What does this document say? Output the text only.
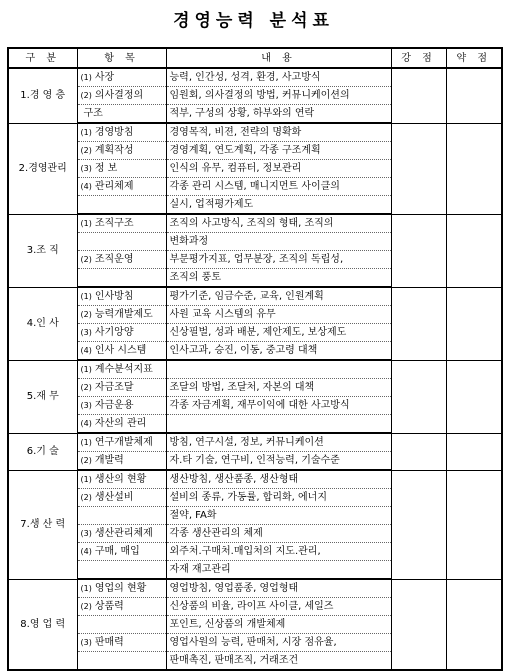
경영능력 분석표
구 분	항 목	내 용	강 점	약 점
1.경 영 층	(1) 사장	능력, 인간성, 성격, 환경, 사고방식		
	(2) 의사결정의	임원회, 의사결정의 방법, 커뮤니케이션의		
	구조	적부, 구성의 상황, 하부와의 연락		
2.경영관리	(1) 경영방침	경영목적, 비젼, 전략의 명확화		
	(2) 계획작성	경영계획, 연도계획, 각종 구조계획		
	(3) 정 보	인식의 유무, 컴퓨터, 정보관리		
	(4) 관리체제	각종 관리 시스템, 매니지먼트 사이클의		
		실시, 업적평가제도		
3.조 직	(1) 조직구조	조직의 사고방식, 조직의 형태, 조직의		
		변화과정		
	(2) 조직운영	부문평가지표, 업무분장, 조직의 독립성,		
		조직의 풍토		
4.인 사	(1) 인사방침	평가기준, 임금수준, 교육, 인원계획		
	(2) 능력개발제도	사원 교육 시스템의 유무		
	(3) 사기앙양	신상필벌, 성과 배분, 제안제도, 보상제도		
	(4) 인사 시스템	인사고과, 승진, 이동, 중고령 대책		
5.재 무	(1) 계수분석지표			
	(2) 자금조달	조달의 방법, 조달처, 자본의 대책		
	(3) 자금운용	각종 자금계획, 재무이익에 대한 사고방식		
	(4) 자산의 관리			
6.기 술	(1) 연구개발체제	방침, 연구시설, 정보, 커뮤니케이션		
	(2) 개발력	자.타 기술, 연구비, 인적능력, 기술수준		
7.생 산 력	(1) 생산의 현황	생산방침, 생산품종, 생산형태		
	(2) 생산설비	설비의 종류, 가동률, 합리화, 에너지		
		절약, FA화		
	(3) 생산관리체제	각종 생산관리의 체제		
	(4) 구매, 매입	외주처.구매처.매입처의 지도.관리,		
		자재 재고관리		
8.영 업 력	(1) 영업의 현황	영업방침, 영업품종, 영업형태		
	(2) 상품력	신상품의 비율, 라이프 사이클, 세일즈		
		포인트, 신상품의 개발체제		
	(3) 판매력	영업사원의 능력, 판매처, 시장 점유율,		
		판매촉진, 판매조직, 거래조건		
